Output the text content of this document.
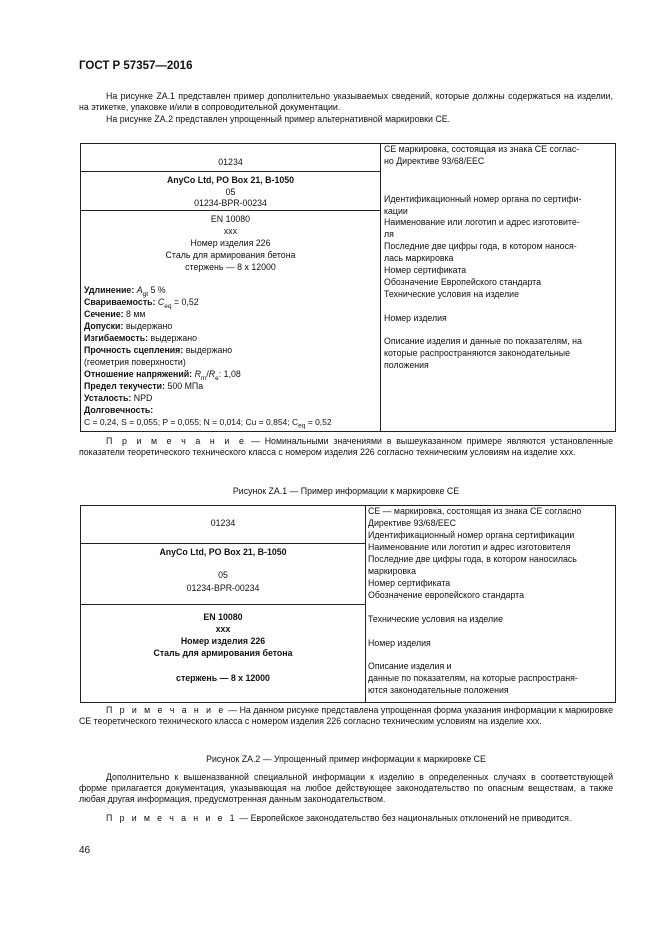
ГОСТ Р 57357—2016
На рисунке ZA.1 представлен пример дополнительно указываемых сведений, которые должны содержаться на изделии, на этикетке, упаковке и/или в сопроводительной документации.
На рисунке ZA.2 представлен упрощенный пример альтернативной маркировки CE.
01234
AnyCo Ltd, PO Box 21, B-1050
05
01234-BPR-00234
EN 10080
xxx
Номер изделия 226
Сталь для армирования бетона
стержень — 8 x 12000
Удлинение: $A_{gt}$ 5 %
Свариваемость: $C_{eq} = 0,52$
Сечение: 8 мм
Допуски: выдержано
Изгибаемость: выдержано
Прочность сцепления: выдержано
(геометрия поверхности)
Отношение напряжений: $R_m/R_e$: 1,08
Предел текучести: 500 МПа
Усталость: NPD
Долговечность:
C = 0,24, S = 0,055; P = 0,055; N = 0,014; Cu = 0,854; $C_{eq} = 0,52$
CE маркировка, состоящая из знака CE соглас-
но Директиве 93/68/EEC
Идентификационный номер органа по сертифи-
кации
Наименование или логотип и адрес изготовите-
ля
Последние две цифры года, в котором нанося-
лась маркировка
Номер сертификата
Обозначение Европейского стандарта
Технические условия на изделие
Номер изделия
Описание изделия и данные по показателям, на
которые распространяются законодательные
положения
П р и м е ч а н и е — Номинальными значениями в вышеуказанном примере являются установленные показатели теоретического технического класса с номером изделия 226 согласно техническим условиям на изделие xxx.
Рисунок ZA.1 — Пример информации к маркировке CE
01234
AnyCo Ltd, PO Box 21, B-1050
05
01234-BPR-00234
EN 10080
xxx
Номер изделия 226
Сталь для армирования бетона
стержень — 8 х 12000
CE — маркировка, состоящая из знака CE согласно
Директиве 93/68/EEC
Идентификационный номер органа сертификации
Наименование или логотип и адрес изготовителя
Последние две цифры года, в котором наносилась
маркировка
Номер сертификата
Обозначение европейского стандарта
Технические условия на изделие
Номер изделия
Описание изделия и
данные по показателям, на которые распространя-
ются законодательные положения
П р и м е ч а н и е — На данном рисунке представлена упрощенная форма указания информации к маркировке CE теоретического технического класса с номером изделия 226 согласно техническим условиям на изделие xxx.
Рисунок ZA.2 — Упрощенный пример информации к маркировке CE
Дополнительно к вышеназванной специальной информации к изделию в определенных случаях в соответствующей форме прилагается документация, указывающая на любое действующее законодательство по опасным веществам, а также любая другая информация, предусмотренная данным законодательством.
П р и м е ч а н и е 1 — Европейское законодательство без национальных отклонений не приводится.
46
